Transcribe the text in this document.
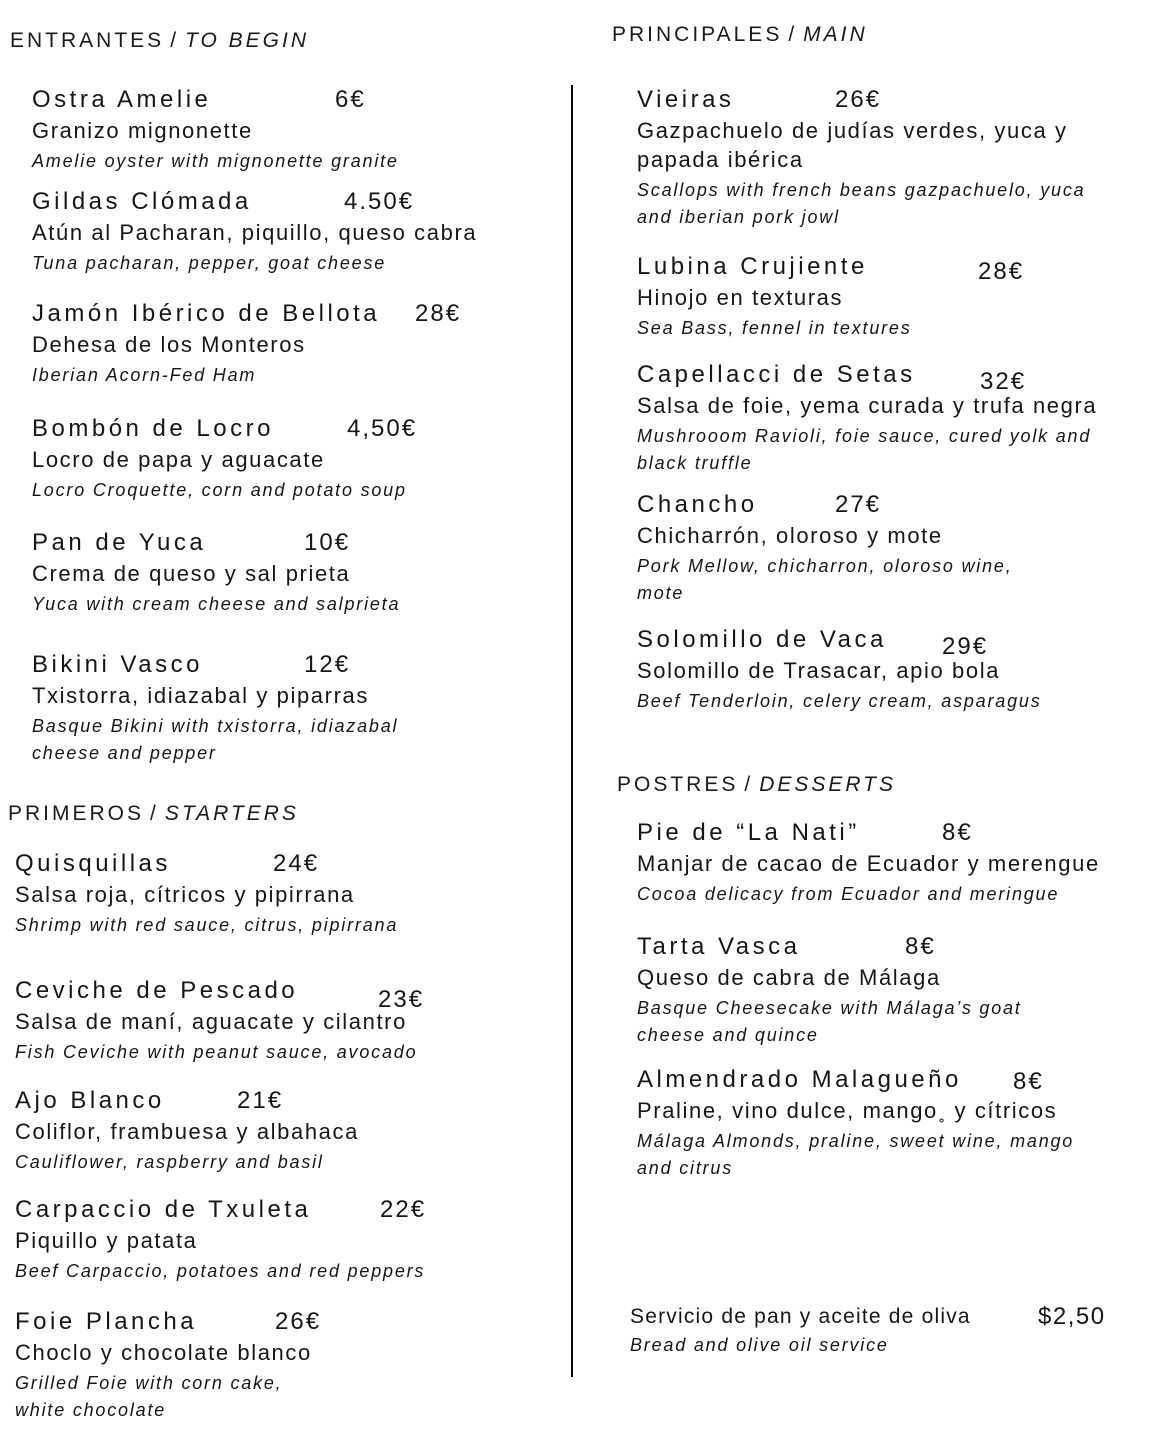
ENTRANTES / TO BEGIN
Ostra Amelie	6€
Granizo mignonette
Amelie oyster with mignonette granite
Gildas Clómada	4.50€
Atún al Pacharan, piquillo, queso cabra
Tuna pacharan, pepper, goat cheese
Jamón Ibérico de Bellota 28€
Dehesa de los Monteros
Iberian Acorn-Fed Ham
Bombón de Locro	4,50€
Locro de papa y aguacate
Locro Croquette, corn and potato soup
Pan de Yuca	10€
Crema de queso y sal prieta
Yuca with cream cheese and salprieta
Bikini Vasco	12€
Txistorra, idiazabal y piparras
Basque Bikini with txistorra, idiazabal
cheese and pepper
PRIMEROS / STARTERS
Quisquillas	24€
Salsa roja, cítricos y pipirrana
Shrimp with red sauce, citrus, pipirrana
Ceviche de Pescado	23€
Salsa de maní, aguacate y cilantro
Fish Ceviche with peanut sauce, avocado
Ajo Blanco	21€
Coliflor, frambuesa y albahaca
Cauliflower, raspberry and basil
Carpaccio de Txuleta	22€
Piquillo y patata
Beef Carpaccio, potatoes and red peppers
Foie Plancha	26€
Choclo y chocolate blanco
Grilled Foie with corn cake,
white chocolate
PRINCIPALES / MAIN
Vieiras	26€
Gazpachuelo de judías verdes, yuca y
papada ibérica
Scallops with french beans gazpachuelo, yuca
and iberian pork jowl
Lubina Crujiente	28€
Hinojo en texturas
Sea Bass, fennel in textures
Capellacci de Setas	32€
Salsa de foie, yema curada y trufa negra
Mushrooom Ravioli, foie sauce, cured yolk and
black truffle
Chancho	27€
Chicharrón, oloroso y mote
Pork Mellow, chicharron, oloroso wine,
mote
Solomillo de Vaca 29€
Solomillo de Trasacar, apio bola
Beef Tenderloin, celery cream, asparagus
POSTRES / DESSERTS
Pie de “La Nati”	8€
Manjar de cacao de Ecuador y merengue
Cocoa delicacy from Ecuador and meringue
Tarta Vasca	8€
Queso de cabra de Málaga
Basque Cheesecake with Málaga’s goat
cheese and quince
Almendrado Malagueño 8€
Praline, vino dulce, mango˳ y cítricos
Málaga Almonds, praline, sweet wine, mango
and citrus
Servicio de pan y aceite de oliva	$2,50
Bread and olive oil service
